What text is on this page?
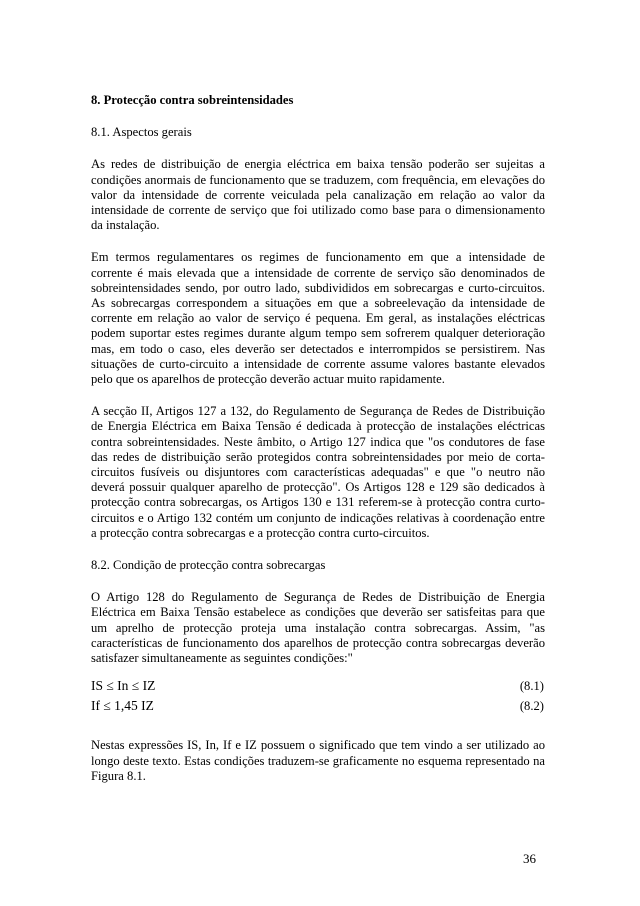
8. Protecção contra sobreintensidades
8.1. Aspectos gerais

As redes de distribuição de energia eléctrica em baixa tensão poderão ser sujeitas a condições anormais de funcionamento que se traduzem, com frequência, em elevações do valor da intensidade de corrente veiculada pela canalização em relação ao valor da intensidade de corrente de serviço que foi utilizado como base para o dimensionamento da instalação.

Em termos regulamentares os regimes de funcionamento em que a intensidade de corrente é mais elevada que a intensidade de corrente de serviço são denominados de sobreintensidades sendo, por outro lado, subdivididos em sobrecargas e curto-circuitos. As sobrecargas correspondem a situações em que a sobreelevação da intensidade de corrente em relação ao valor de serviço é pequena. Em geral, as instalações eléctricas podem suportar estes regimes durante algum tempo sem sofrerem qualquer deterioração mas, em todo o caso, eles deverão ser detectados e interrompidos se persistirem. Nas situações de curto-circuito a intensidade de corrente assume valores bastante elevados pelo que os aparelhos de protecção deverão actuar muito rapidamente.

A secção II, Artigos 127 a 132, do Regulamento de Segurança de Redes de Distribuição de Energia Eléctrica em Baixa Tensão é dedicada à protecção de instalações eléctricas contra sobreintensidades. Neste âmbito, o Artigo 127 indica que "os condutores de fase das redes de distribuição serão protegidos contra sobreintensidades por meio de corta-circuitos fusíveis ou disjuntores com características adequadas" e que "o neutro não deverá possuir qualquer aparelho de protecção". Os Artigos 128 e 129 são dedicados à protecção contra sobrecargas, os Artigos 130 e 131 referem-se à protecção contra curto-circuitos e o Artigo 132 contém um conjunto de indicações relativas à coordenação entre a protecção contra sobrecargas e a protecção contra curto-circuitos.

8.2. Condição de protecção contra sobrecargas

O Artigo 128 do Regulamento de Segurança de Redes de Distribuição de Energia Eléctrica em Baixa Tensão estabelece as condições que deverão ser satisfeitas para que um aprelho de protecção proteja uma instalação contra sobrecargas. Assim, "as características de funcionamento dos aparelhos de protecção contra sobrecargas deverão satisfazer simultaneamente as seguintes condições:"

IS ≤ In ≤ IZ	(8.1)
If ≤ 1,45 IZ	(8.2)

Nestas expressões IS, In, If e IZ possuem o significado que tem vindo a ser utilizado ao longo deste texto. Estas condições traduzem-se graficamente no esquema representado na Figura 8.1.

36
